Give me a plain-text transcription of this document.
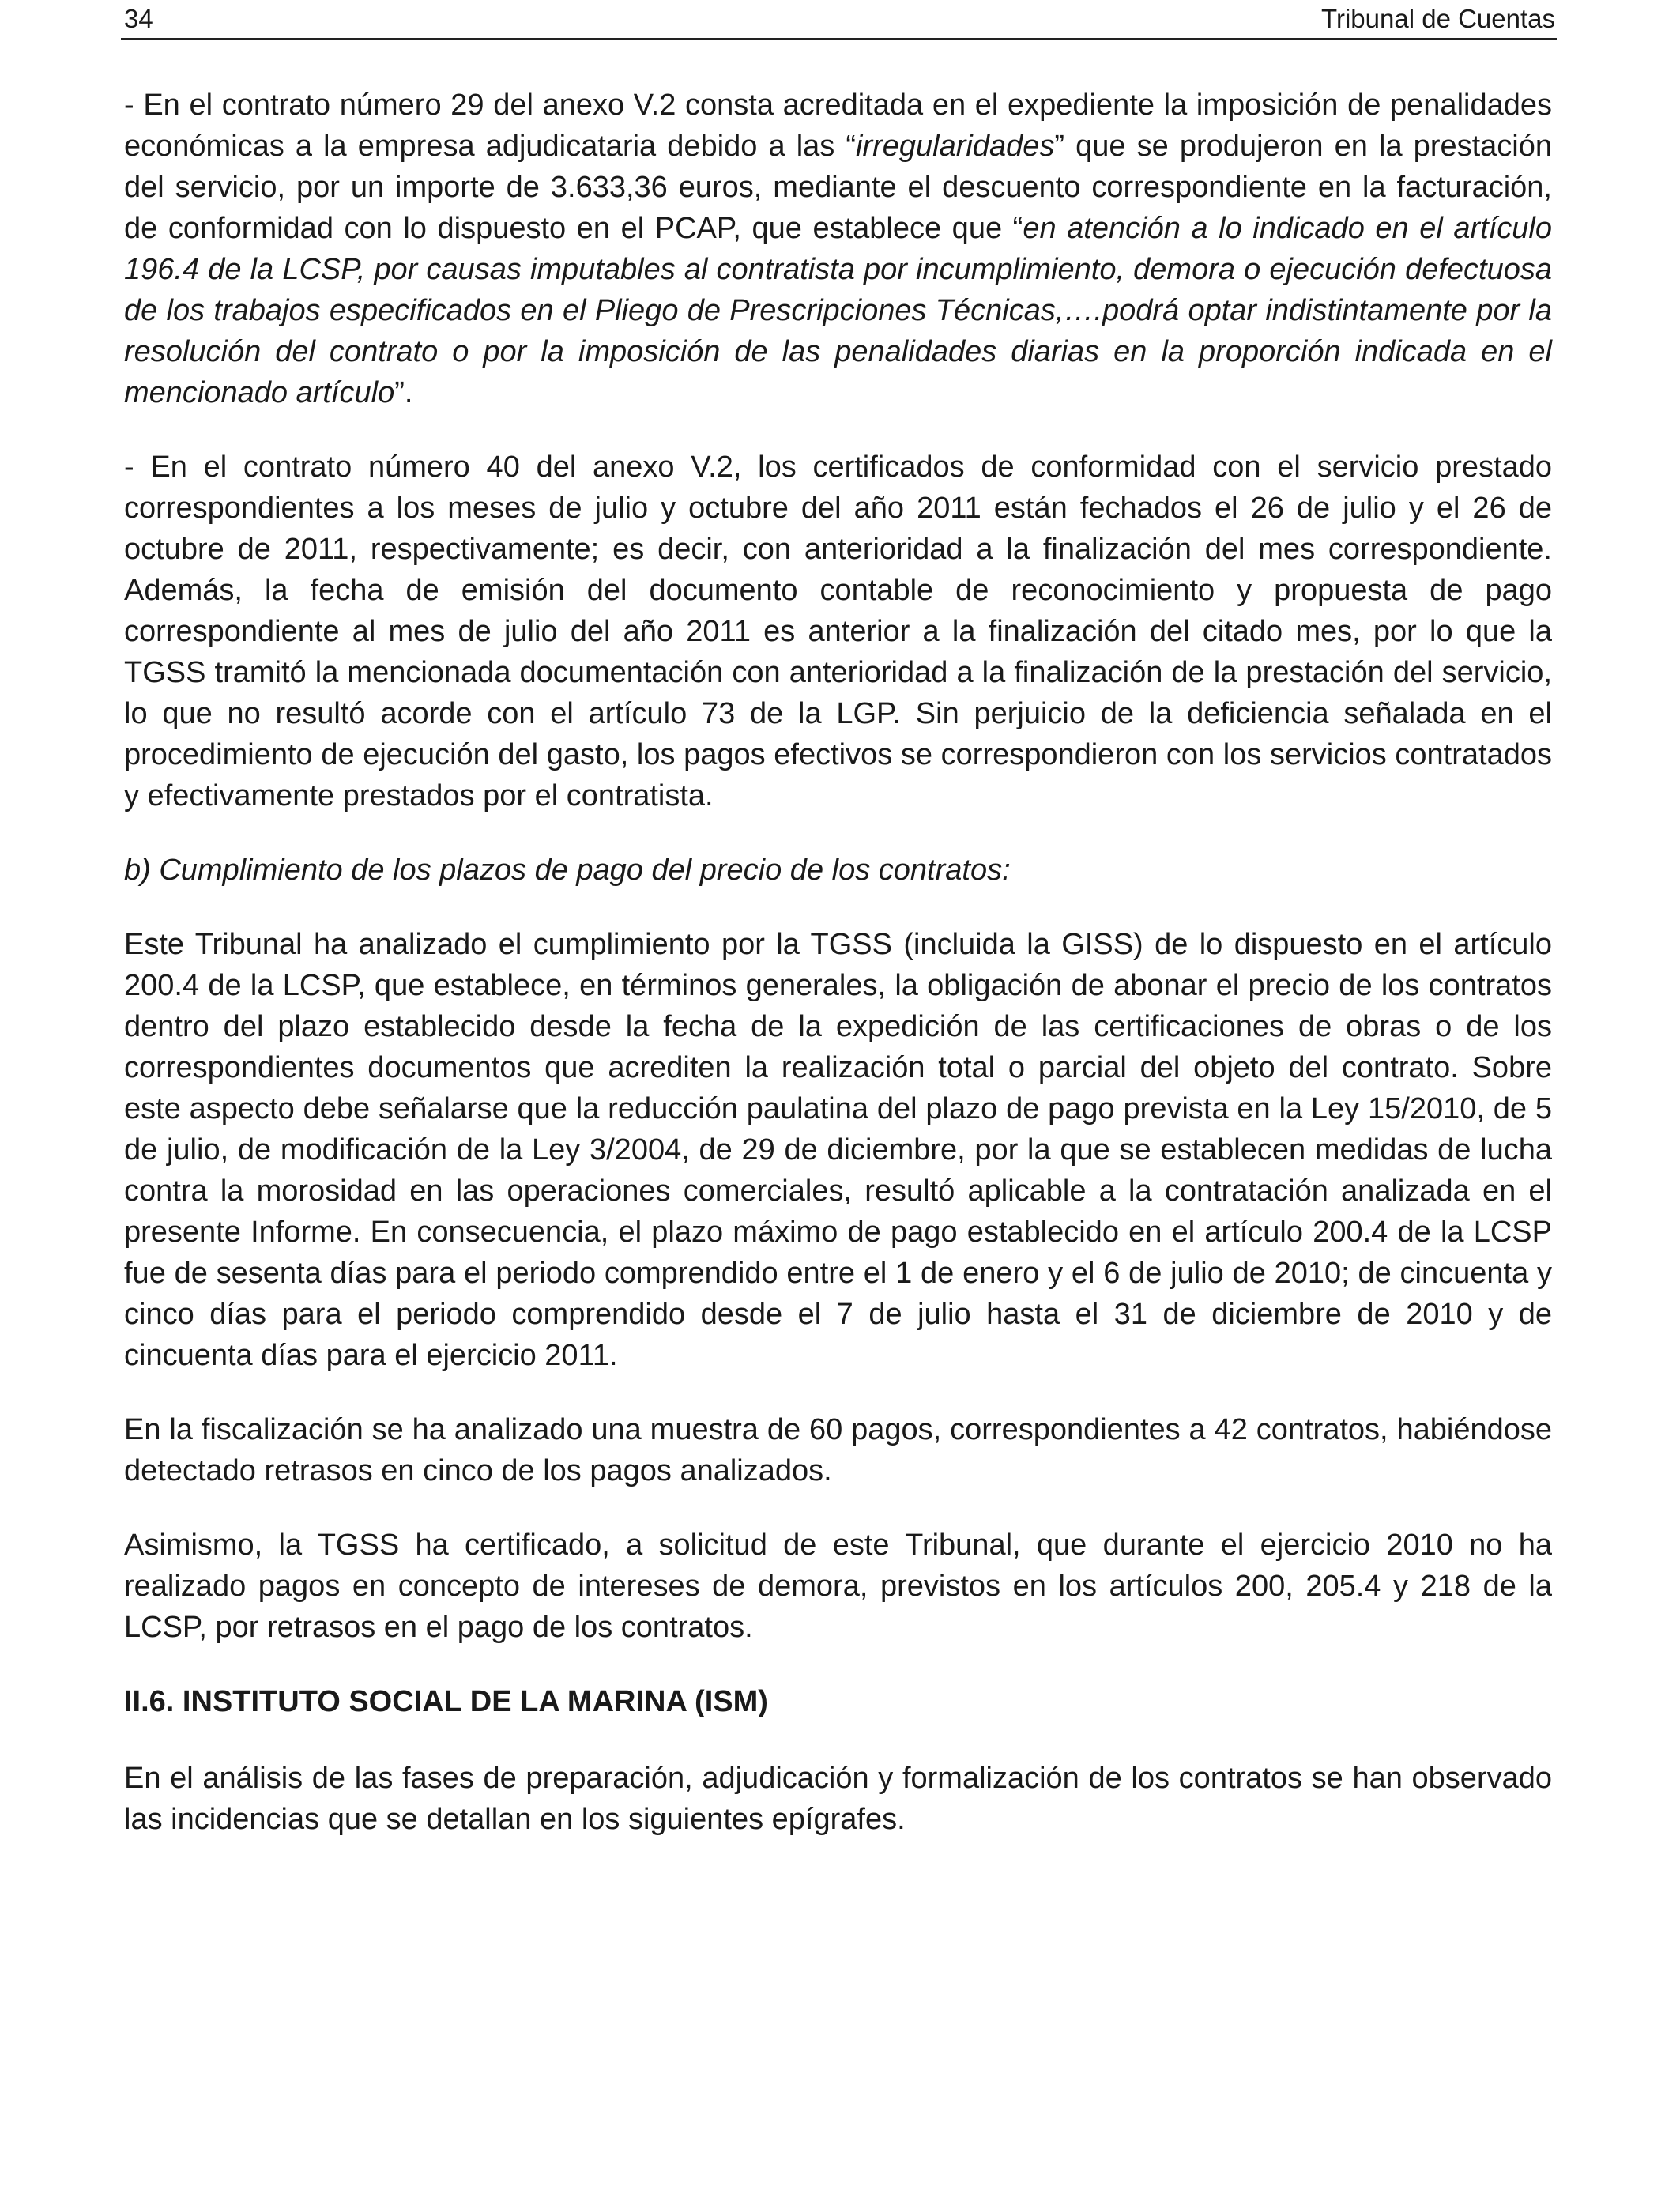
34	Tribunal de Cuentas

- En el contrato número 29 del anexo V.2 consta acreditada en el expediente la imposición de penalidades económicas a la empresa adjudicataria debido a las “irregularidades” que se produjeron en la prestación del servicio, por un importe de 3.633,36 euros, mediante el descuento correspondiente en la facturación, de conformidad con lo dispuesto en el PCAP, que establece que “en atención a lo indicado en el artículo 196.4 de la LCSP, por causas imputables al contratista por incumplimiento, demora o ejecución defectuosa de los trabajos especificados en el Pliego de Prescripciones Técnicas,….podrá optar indistintamente por la resolución del contrato o por la imposición de las penalidades diarias en la proporción indicada en el mencionado artículo”.

- En el contrato número 40 del anexo V.2, los certificados de conformidad con el servicio prestado correspondientes a los meses de julio y octubre del año 2011 están fechados el 26 de julio y el 26 de octubre de 2011, respectivamente; es decir, con anterioridad a la finalización del mes correspondiente. Además, la fecha de emisión del documento contable de reconocimiento y propuesta de pago correspondiente al mes de julio del año 2011 es anterior a la finalización del citado mes, por lo que la TGSS tramitó la mencionada documentación con anterioridad a la finalización de la prestación del servicio, lo que no resultó acorde con el artículo 73 de la LGP. Sin perjuicio de la deficiencia señalada en el procedimiento de ejecución del gasto, los pagos efectivos se correspondieron con los servicios contratados y efectivamente prestados por el contratista.

b) Cumplimiento de los plazos de pago del precio de los contratos:

Este Tribunal ha analizado el cumplimiento por la TGSS (incluida la GISS) de lo dispuesto en el artículo 200.4 de la LCSP, que establece, en términos generales, la obligación de abonar el precio de los contratos dentro del plazo establecido desde la fecha de la expedición de las certificaciones de obras o de los correspondientes documentos que acrediten la realización total o parcial del objeto del contrato. Sobre este aspecto debe señalarse que la reducción paulatina del plazo de pago prevista en la Ley 15/2010, de 5 de julio, de modificación de la Ley 3/2004, de 29 de diciembre, por la que se establecen medidas de lucha contra la morosidad en las operaciones comerciales, resultó aplicable a la contratación analizada en el presente Informe. En consecuencia, el plazo máximo de pago establecido en el artículo 200.4 de la LCSP fue de sesenta días para el periodo comprendido entre el 1 de enero y el 6 de julio de 2010; de cincuenta y cinco días para el periodo comprendido desde el 7 de julio hasta el 31 de diciembre de 2010 y de cincuenta días para el ejercicio 2011.

En la fiscalización se ha analizado una muestra de 60 pagos, correspondientes a 42 contratos, habiéndose detectado retrasos en cinco de los pagos analizados.

Asimismo, la TGSS ha certificado, a solicitud de este Tribunal, que durante el ejercicio 2010 no ha realizado pagos en concepto de intereses de demora, previstos en los artículos 200, 205.4 y 218 de la LCSP, por retrasos en el pago de los contratos.

II.6. INSTITUTO SOCIAL DE LA MARINA (ISM)

En el análisis de las fases de preparación, adjudicación y formalización de los contratos se han observado las incidencias que se detallan en los siguientes epígrafes.
